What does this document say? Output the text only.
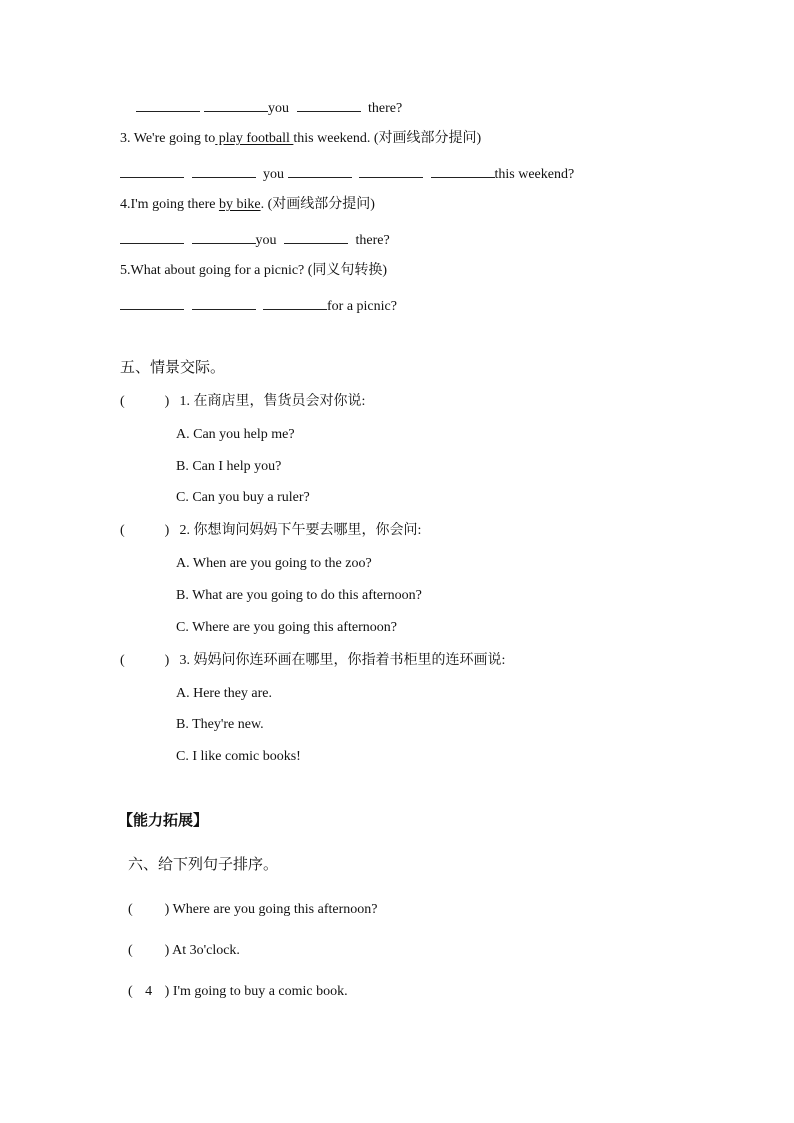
you	there?
3. We're going to play football this weekend. (对画线部分提问)
you	this weekend?
4.I'm going there by bike. (对画线部分提问)
you	there?
5.What about going for a picnic? (同义句转换)
for a picnic?
五、情景交际。
(	) 1. 在商店里，售货员会对你说:
A. Can you help me?
B. Can I help you?
C. Can you buy a ruler?
(	) 2. 你想询问妈妈下午要去哪里，你会问:
A. When are you going to the zoo?
B. What are you going to do this afternoon?
C. Where are you going this afternoon?
(	) 3. 妈妈问你连环画在哪里，你指着书柜里的连环画说:
A. Here they are.
B. They're new.
C. I like comic books!
【能力拓展】
六、给下列句子排序。
( ) Where are you going this afternoon?
( ) At 3o'clock.
( 4 ) I'm going to buy a comic book.
